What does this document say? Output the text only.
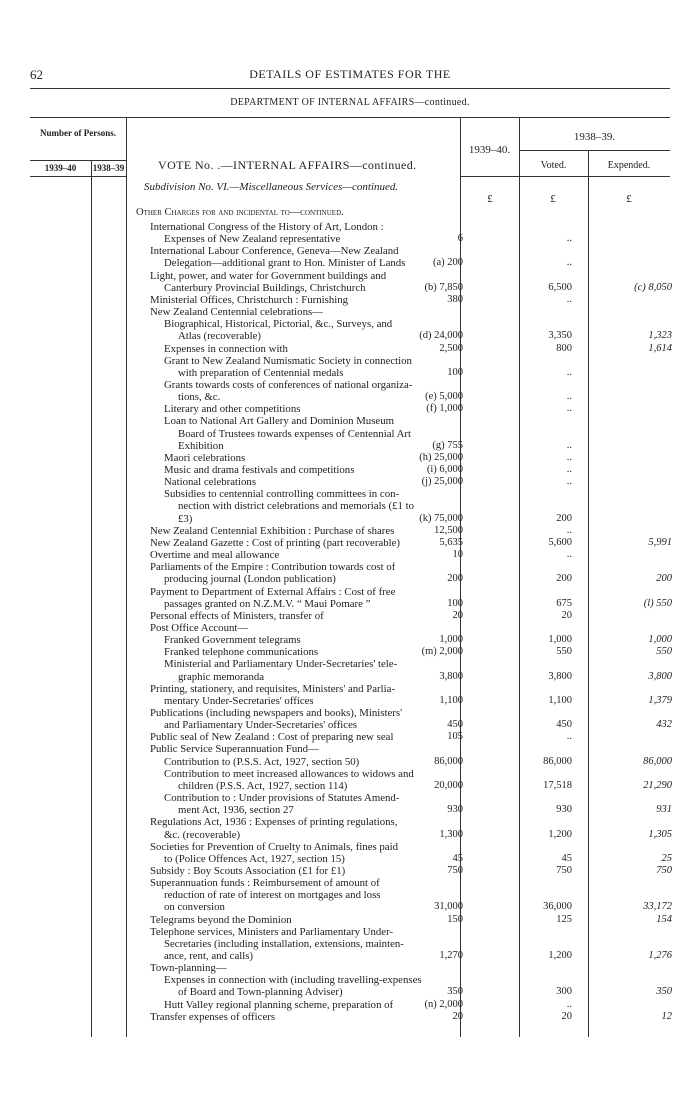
62	DETAILS OF ESTIMATES FOR THE
DEPARTMENT OF INTERNAL AFFAIRS—continued.
Number of Persons.
1939–40	1938–39
1939–40.
1938–39.
Voted.	Expended.
VOTE No. .—INTERNAL AFFAIRS—continued.
Subdivision No. VI.—Miscellaneous Services—continued.
£	£	£
Other Charges for and incidental to—continued.
International Congress of the History of Art, London :
Expenses of New Zealand representative	6	..
International Labour Conference, Geneva—New Zealand
Delegation—additional grant to Hon. Minister of Lands	(a) 200	..
Light, power, and water for Government buildings and
Canterbury Provincial Buildings, Christchurch	(b) 7,850	6,500	(c) 8,050
Ministerial Offices, Christchurch : Furnishing	380	..
New Zealand Centennial celebrations—
Biographical, Historical, Pictorial, &c., Surveys, and
Atlas (recoverable)	(d) 24,000	3,350	1,323
Expenses in connection with	2,500	800	1,614
Grant to New Zealand Numismatic Society in connection
with preparation of Centennial medals	100	..
Grants towards costs of conferences of national organiza-
tions, &c.	(e) 5,000	..
Literary and other competitions	(f) 1,000	..
Loan to National Art Gallery and Dominion Museum
Board of Trustees towards expenses of Centennial Art
Exhibition	(g) 755	..
Maori celebrations	(h) 25,000	..
Music and drama festivals and competitions	(i) 6,000	..
National celebrations	(j) 25,000	..
Subsidies to centennial controlling committees in con-
nection with district celebrations and memorials (£1 to
£3)	(k) 75,000	200
New Zealand Centennial Exhibition : Purchase of shares	12,500	..
New Zealand Gazette : Cost of printing (part recoverable)	5,635	5,600	5,991
Overtime and meal allowance	10	..
Parliaments of the Empire : Contribution towards cost of
producing journal (London publication)	200	200	200
Payment to Department of External Affairs : Cost of free
passages granted on N.Z.M.V. “ Maui Pomare ”	100	675	(l) 550
Personal effects of Ministers, transfer of	20	20
Post Office Account—
Franked Government telegrams	1,000	1,000	1,000
Franked telephone communications	(m) 2,000	550	550
Ministerial and Parliamentary Under-Secretaries' tele-
graphic memoranda	3,800	3,800	3,800
Printing, stationery, and requisites, Ministers' and Parlia-
mentary Under-Secretaries' offices	1,100	1,100	1,379
Publications (including newspapers and books), Ministers'
and Parliamentary Under-Secretaries' offices	450	450	432
Public seal of New Zealand : Cost of preparing new seal	105	..
Public Service Superannuation Fund—
Contribution to (P.S.S. Act, 1927, section 50)	86,000	86,000	86,000
Contribution to meet increased allowances to widows and
children (P.S.S. Act, 1927, section 114)	20,000	17,518	21,290
Contribution to : Under provisions of Statutes Amend-
ment Act, 1936, section 27	930	930	931
Regulations Act, 1936 : Expenses of printing regulations,
&c. (recoverable)	1,300	1,200	1,305
Societies for Prevention of Cruelty to Animals, fines paid
to (Police Offences Act, 1927, section 15)	45	45	25
Subsidy : Boy Scouts Association (£1 for £1)	750	750	750
Superannuation funds : Reimbursement of amount of
reduction of rate of interest on mortgages and loss
on conversion	31,000	36,000	33,172
Telegrams beyond the Dominion	150	125	154
Telephone services, Ministers and Parliamentary Under-
Secretaries (including installation, extensions, mainten-
ance, rent, and calls)	1,270	1,200	1,276
Town-planning—
Expenses in connection with (including travelling-expenses
of Board and Town-planning Adviser)	350	300	350
Hutt Valley regional planning scheme, preparation of	(n) 2,000	..
Transfer expenses of officers	20	20	12
